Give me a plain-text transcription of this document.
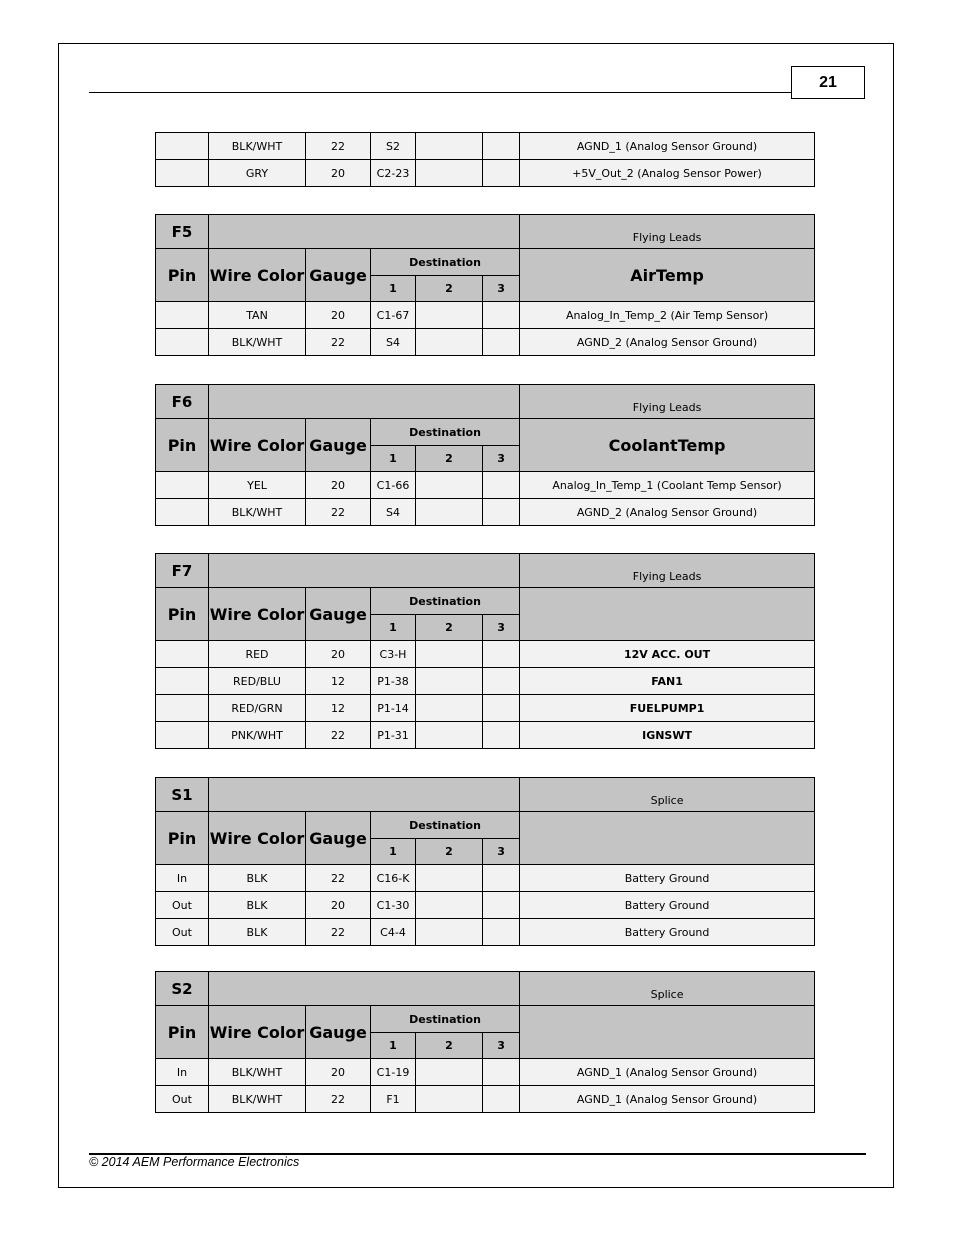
21
	BLK/WHT	22	S2			AGND_1 (Analog Sensor Ground)
	GRY	20	C2-23			+5V_Out_2 (Analog Sensor Power)
F5						Flying Leads
Pin	Wire Color	Gauge	Destination			AirTemp
			1	2	3	
	TAN	20	C1-67			Analog_In_Temp_2 (Air Temp Sensor)
	BLK/WHT	22	S4			AGND_2 (Analog Sensor Ground)
F6						Flying Leads
Pin	Wire Color	Gauge	Destination			CoolantTemp
			1	2	3	
	YEL	20	C1-66			Analog_In_Temp_1 (Coolant Temp Sensor)
	BLK/WHT	22	S4			AGND_2 (Analog Sensor Ground)
F7						Flying Leads
Pin	Wire Color	Gauge	Destination			
			1	2	3	
	RED	20	C3-H			12V ACC. OUT
	RED/BLU	12	P1-38			FAN1
	RED/GRN	12	P1-14			FUELPUMP1
	PNK/WHT	22	P1-31			IGNSWT
S1						Splice
Pin	Wire Color	Gauge	Destination			
			1	2	3	
In	BLK	22	C16-K			Battery Ground
Out	BLK	20	C1-30			Battery Ground
Out	BLK	22	C4-4			Battery Ground
S2						Splice
Pin	Wire Color	Gauge	Destination			
			1	2	3	
In	BLK/WHT	20	C1-19			AGND_1 (Analog Sensor Ground)
Out	BLK/WHT	22	F1			AGND_1 (Analog Sensor Ground)
© 2014 AEM Performance Electronics
